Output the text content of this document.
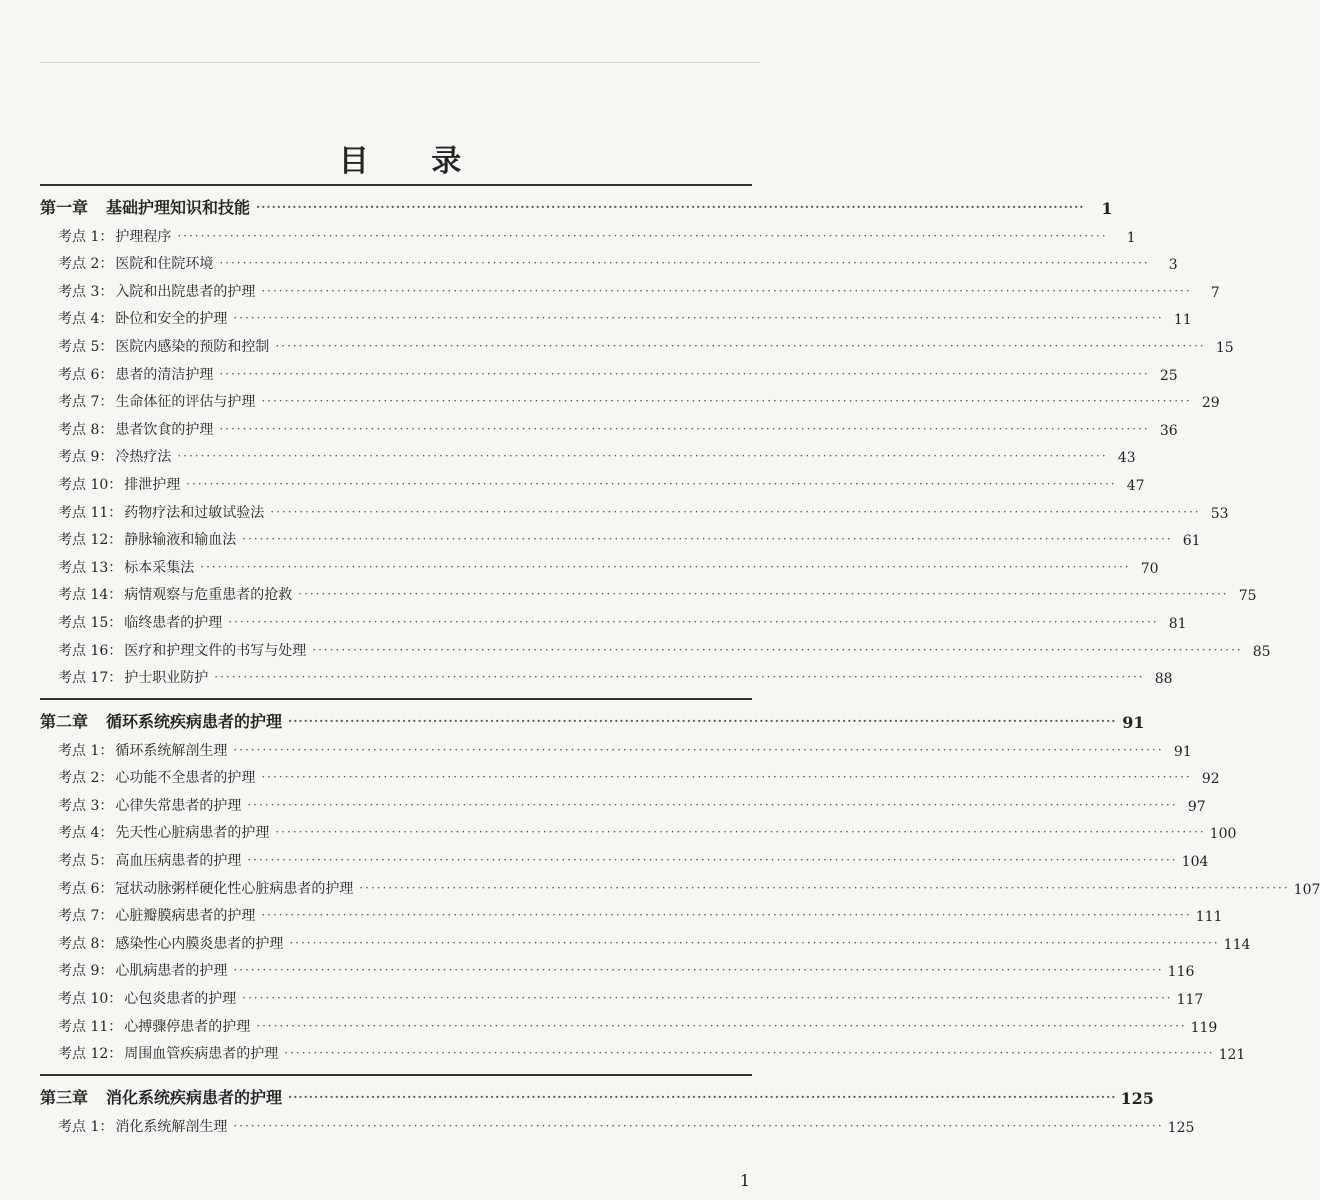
目 录
第一章 基础护理知识和技能 ································································································································································	1
考点 1： 护理程序 ································································································································································	1
考点 2： 医院和住院环境 ································································································································································	3
考点 3： 入院和出院患者的护理 ································································································································································	7
考点 4： 卧位和安全的护理 ································································································································································ 11
考点 5： 医院内感染的预防和控制 ································································································································································ 15
考点 6： 患者的清洁护理 ································································································································································ 25
考点 7： 生命体征的评估与护理 ································································································································································ 29
考点 8： 患者饮食的护理 ································································································································································ 36
考点 9： 冷热疗法 ································································································································································ 43
考点 10： 排泄护理 ································································································································································ 47
考点 11： 药物疗法和过敏试验法 ································································································································································ 53
考点 12： 静脉输液和输血法 ································································································································································ 61
考点 13： 标本采集法 ································································································································································ 70
考点 14： 病情观察与危重患者的抢救 ································································································································································ 75
考点 15： 临终患者的护理 ································································································································································ 81
考点 16： 医疗和护理文件的书写与处理 ································································································································································ 85
考点 17： 护士职业防护 ································································································································································ 88
第二章 循环系统疾病患者的护理 ································································································································································ 91
考点 1： 循环系统解剖生理 ································································································································································ 91
考点 2： 心功能不全患者的护理 ································································································································································ 92
考点 3： 心律失常患者的护理 ································································································································································ 97
考点 4： 先天性心脏病患者的护理 ································································································································································ 100
考点 5： 高血压病患者的护理 ································································································································································ 104
考点 6： 冠状动脉粥样硬化性心脏病患者的护理 ································································································································································ 107
考点 7： 心脏瓣膜病患者的护理 ································································································································································ 111
考点 8： 感染性心内膜炎患者的护理 ································································································································································ 114
考点 9： 心肌病患者的护理 ································································································································································ 116
考点 10： 心包炎患者的护理 ································································································································································ 117
考点 11： 心搏骤停患者的护理 ································································································································································ 119
考点 12： 周围血管疾病患者的护理 ································································································································································ 121
第三章 消化系统疾病患者的护理 ································································································································································ 125
考点 1： 消化系统解剖生理 ································································································································································ 125
1
